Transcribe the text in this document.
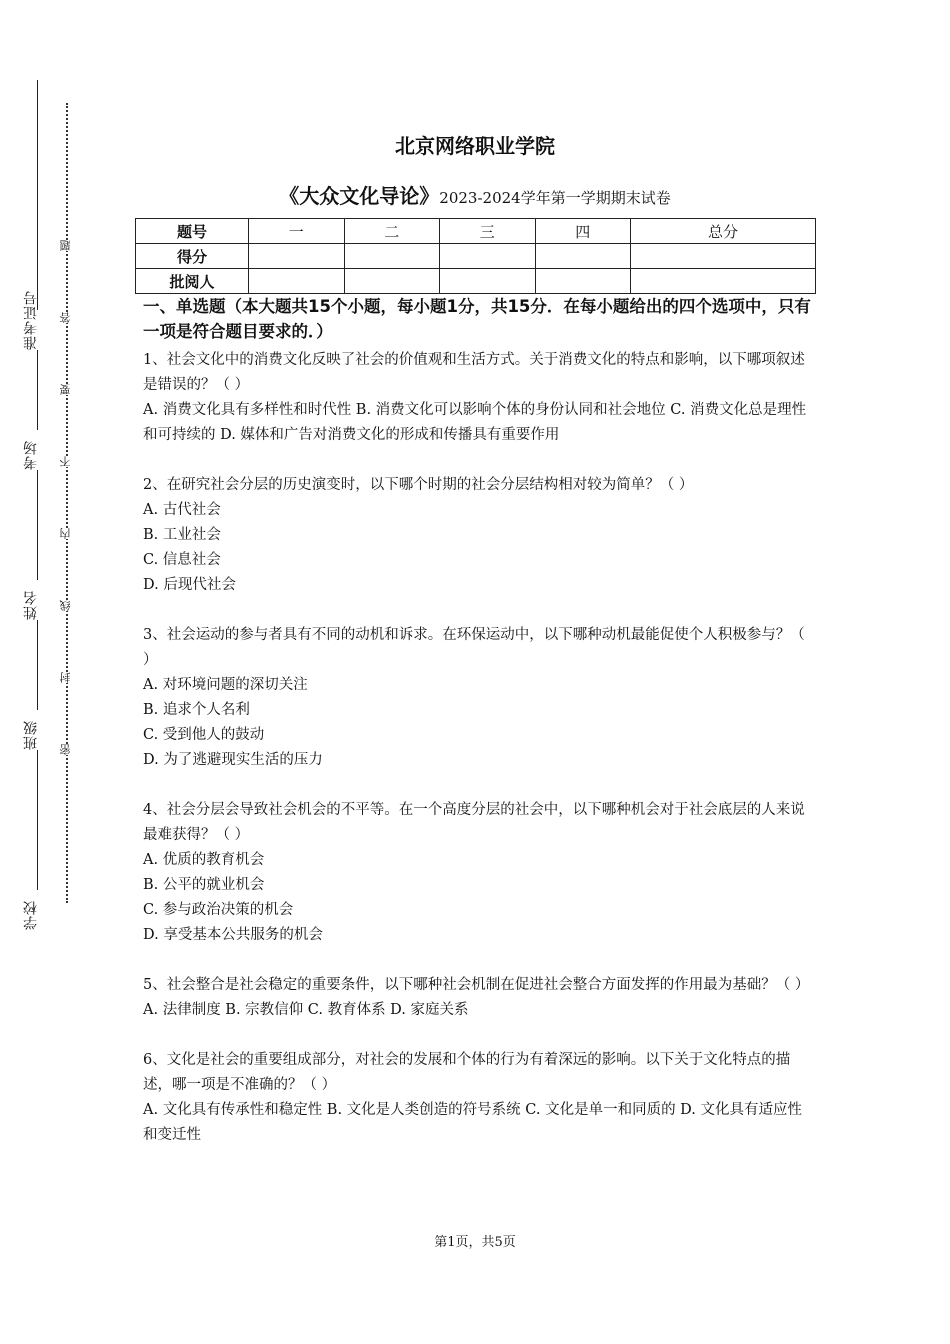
准考证号
考场
姓名
班级
学校
题
答
要
不
内
线
封
密
北京网络职业学院
《大众文化导论》2023-2024学年第一学期期末试卷
题号	一	二	三	四	总分
得分					
批阅人					

一、单选题（本大题共15个小题，每小题1分，共15分．在每小题给出的四个选项中，只有一项是符合题目要求的．）

1、社会文化中的消费文化反映了社会的价值观和生活方式。关于消费文化的特点和影响，以下哪项叙述是错误的？（ ）

A. 消费文化具有多样性和时代性 B. 消费文化可以影响个体的身份认同和社会地位 C. 消费文化总是理性和可持续的 D. 媒体和广告对消费文化的形成和传播具有重要作用

2、在研究社会分层的历史演变时，以下哪个时期的社会分层结构相对较为简单？（ ）

A. 古代社会

B. 工业社会

C. 信息社会

D. 后现代社会

3、社会运动的参与者具有不同的动机和诉求。在环保运动中，以下哪种动机最能促使个人积极参与？（ ）

A. 对环境问题的深切关注

B. 追求个人名利

C. 受到他人的鼓动

D. 为了逃避现实生活的压力

4、社会分层会导致社会机会的不平等。在一个高度分层的社会中，以下哪种机会对于社会底层的人来说最难获得？（ ）

A. 优质的教育机会

B. 公平的就业机会

C. 参与政治决策的机会

D. 享受基本公共服务的机会

5、社会整合是社会稳定的重要条件，以下哪种社会机制在促进社会整合方面发挥的作用最为基础？（ ）

A. 法律制度 B. 宗教信仰 C. 教育体系 D. 家庭关系

6、文化是社会的重要组成部分，对社会的发展和个体的行为有着深远的影响。以下关于文化特点的描述，哪一项是不准确的？（ ）

A. 文化具有传承性和稳定性 B. 文化是人类创造的符号系统 C. 文化是单一和同质的 D. 文化具有适应性和变迁性

第1页，共5页
